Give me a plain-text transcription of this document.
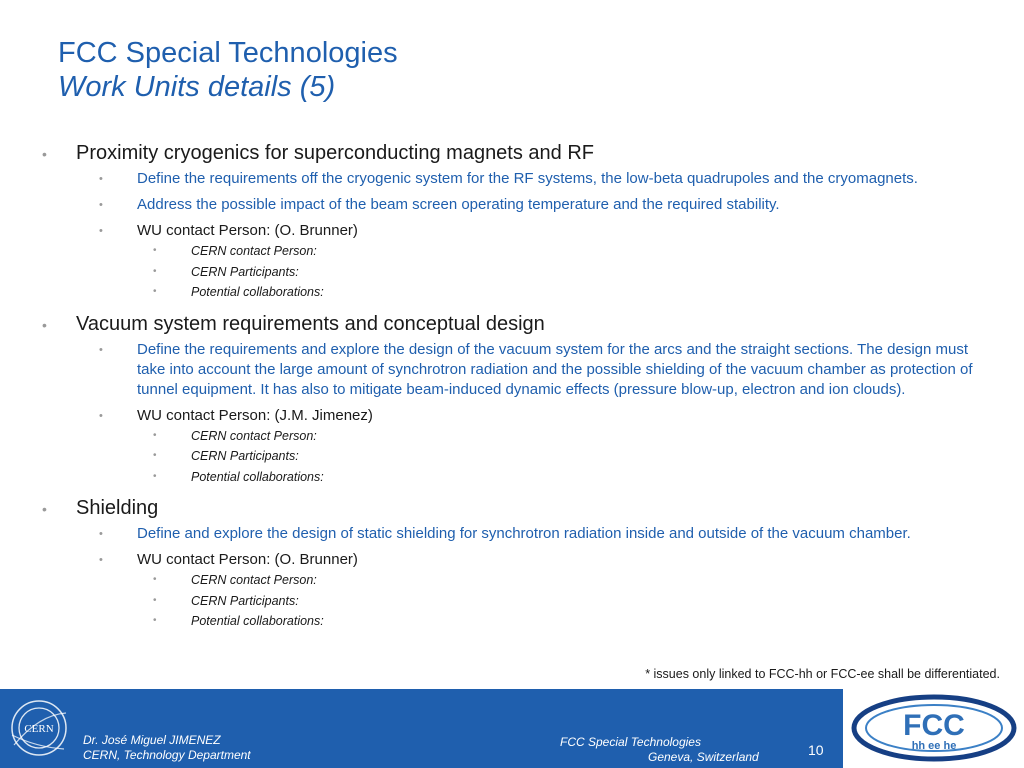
FCC Special Technologies
Work Units details (5)

• Proximity cryogenics for superconducting magnets and RF

• Define the requirements off the cryogenic system for the RF systems, the low-beta quadrupoles and the cryomagnets.

• Address the possible impact of the beam screen operating temperature and the required stability.

• WU contact Person: (O. Brunner)

•	CERN contact Person:

•	CERN Participants:

•	Potential collaborations:

• Vacuum system requirements and conceptual design

• Define the requirements and explore the design of the vacuum system for the arcs and the straight sections. The design must take into account the large amount of synchrotron radiation and the possible shielding of the vacuum chamber as protection of tunnel equipment. It has also to mitigate beam-induced dynamic effects (pressure blow-up, electron and ion clouds).

• WU contact Person: (J.M. Jimenez)

•	CERN contact Person:

•	CERN Participants:

•	Potential collaborations:

• Shielding

• Define and explore the design of static shielding for synchrotron radiation inside and outside of the vacuum chamber.

• WU contact Person: (O. Brunner)

•	CERN contact Person:

•	CERN Participants:

•	Potential collaborations:

* issues only linked to FCC-hh or FCC-ee shall be differentiated.
CERN
Dr. José Miguel JIMENEZ
CERN, Technology Department
FCC Special Technologies
Geneva, Switzerland	10
FCC
hh ee he
